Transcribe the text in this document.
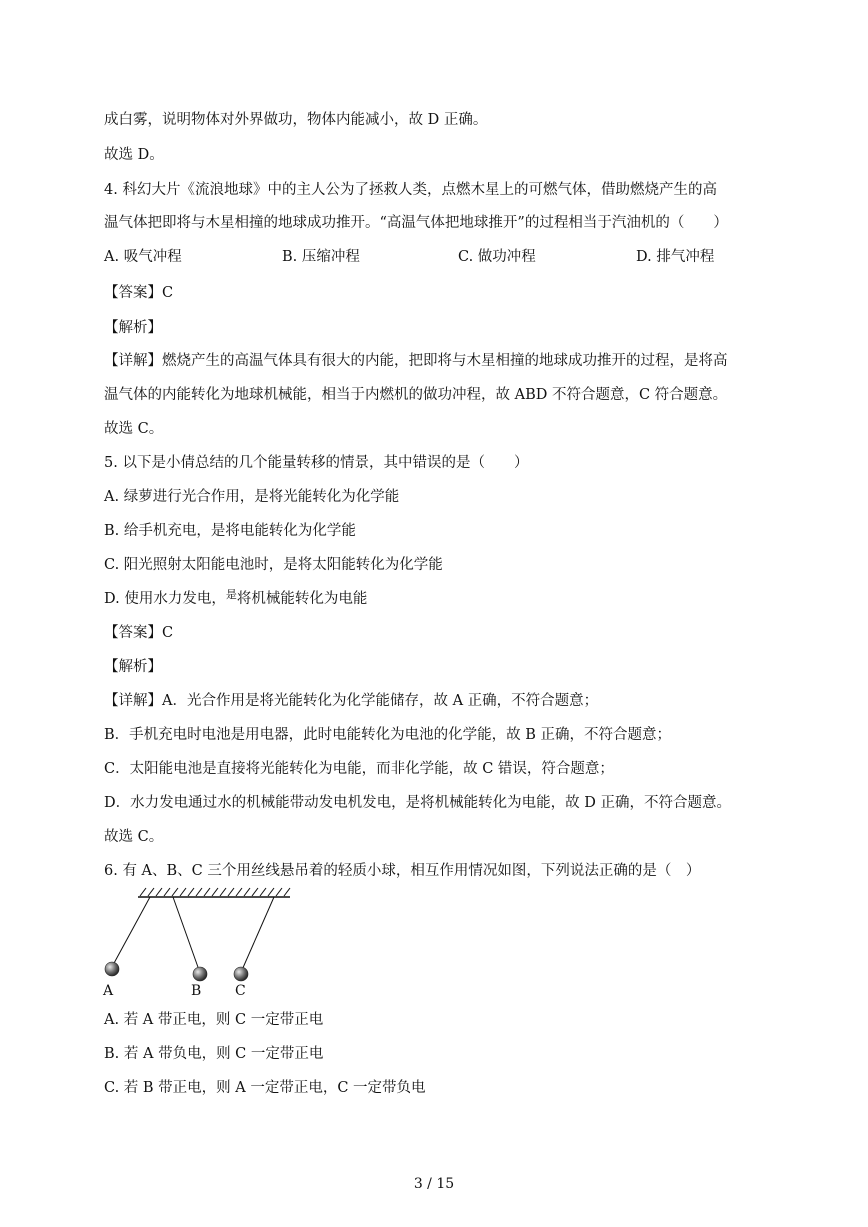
成白雾，说明物体对外界做功，物体内能减小，故 D 正确。
故选 D。
4. 科幻大片《流浪地球》中的主人公为了拯救人类，点燃木星上的可燃气体，借助燃烧产生的高
温气体把即将与木星相撞的地球成功推开。“高温气体把地球推开”的过程相当于汽油机的（　　）
A. 吸气冲程	B. 压缩冲程	C. 做功冲程	D. 排气冲程
【答案】C
【解析】
【详解】燃烧产生的高温气体具有很大的内能，把即将与木星相撞的地球成功推开的过程，是将高
温气体的内能转化为地球机械能，相当于内燃机的做功冲程，故 ABD 不符合题意，C 符合题意。
故选 C。
5. 以下是小倩总结的几个能量转移的情景，其中错误的是（　　）
A. 绿萝进行光合作用，是将光能转化为化学能
B. 给手机充电，是将电能转化为化学能
C. 阳光照射太阳能电池时，是将太阳能转化为化学能
D. 使用水力发电，$^是$将机械能转化为电能
【答案】C
【解析】
【详解】A．光合作用是将光能转化为化学能储存，故 A 正确，不符合题意；
B．手机充电时电池是用电器，此时电能转化为电池的化学能，故 B 正确，不符合题意；
C．太阳能电池是直接将光能转化为电能，而非化学能，故 C 错误，符合题意；
D．水力发电通过水的机械能带动发电机发电，是将机械能转化为电能，故 D 正确，不符合题意。
故选 C。
6. 有 A、B、C 三个用丝线悬吊着的轻质小球，相互作用情况如图，下列说法正确的是（　）
A	B C
A. 若 A 带正电，则 C 一定带正电
B. 若 A 带负电，则 C 一定带正电
C. 若 B 带正电，则 A 一定带正电，C 一定带负电
3 / 15
